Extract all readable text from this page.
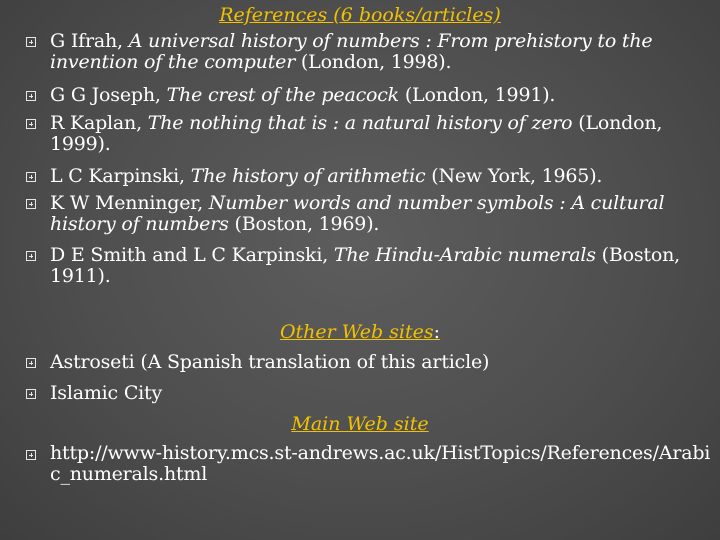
References (6 books/articles)
G Ifrah, A universal history of numbers : From prehistory to the invention of the computer (London, 1998).
G G Joseph, The crest of the peacock (London, 1991).
R Kaplan, The nothing that is : a natural history of zero (London, 1999).
L C Karpinski, The history of arithmetic (New York, 1965).
K W Menninger, Number words and number symbols : A cultural history of numbers (Boston, 1969).
D E Smith and L C Karpinski, The Hindu-Arabic numerals (Boston, 1911).
Other Web sites:
Astroseti (A Spanish translation of this article)
Islamic City
Main Web site
http://www-history.mcs.st-andrews.ac.uk/HistTopics/References/Arabic_numerals.html
